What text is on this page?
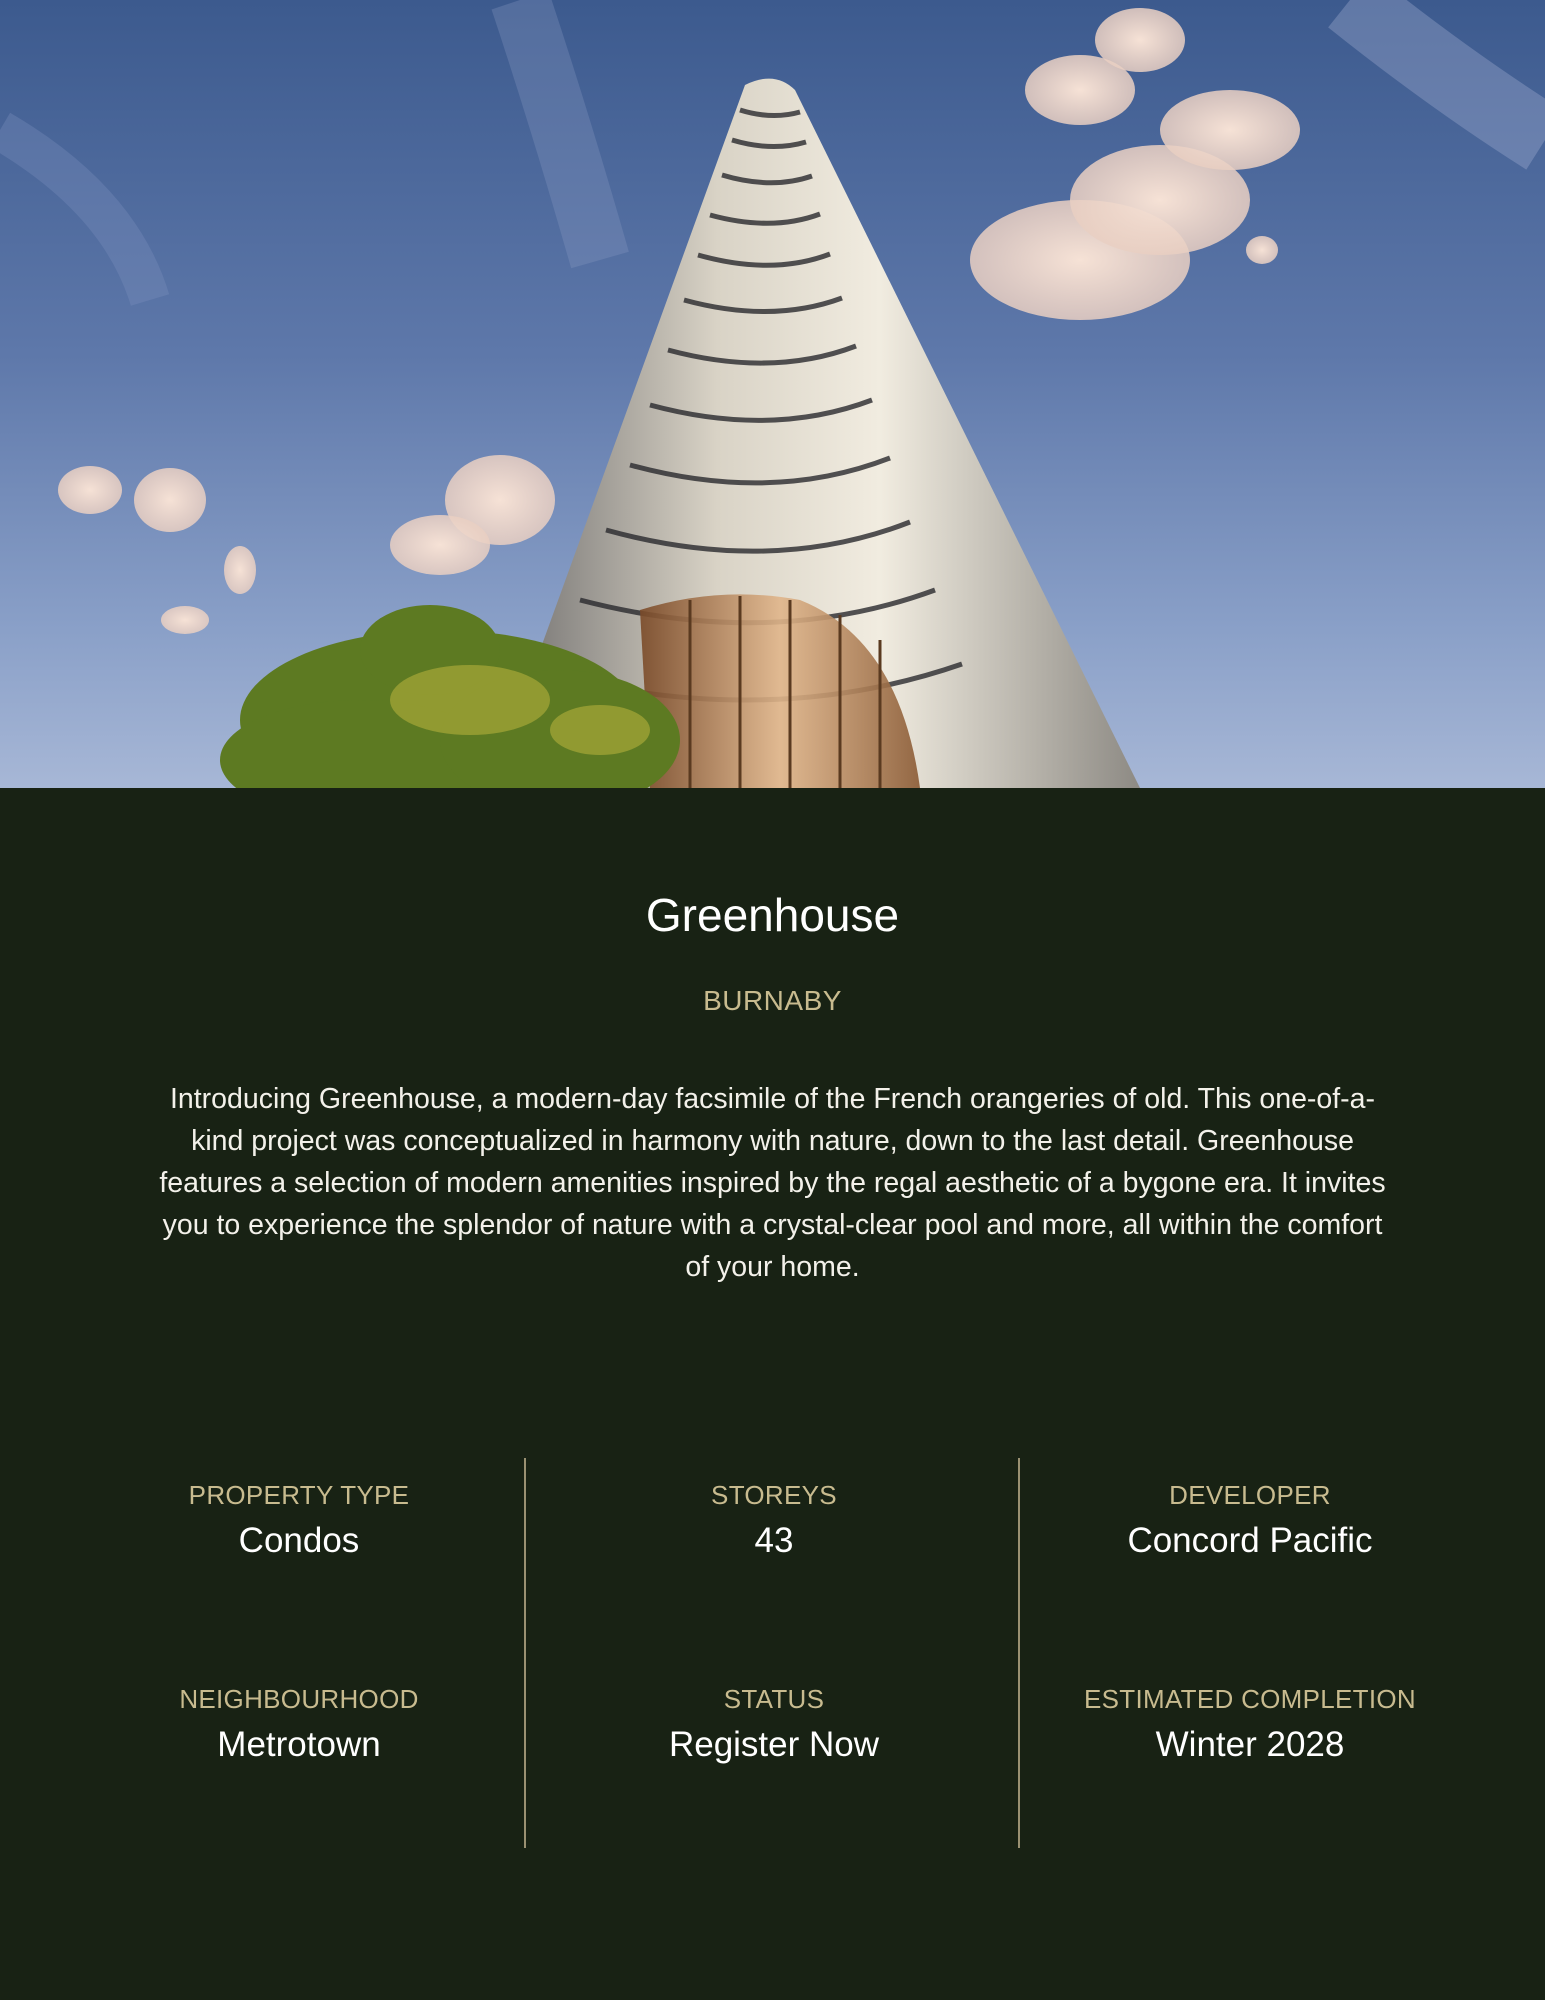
Greenhouse
BURNABY

Introducing Greenhouse, a modern-day facsimile of the French orangeries of old. This one-of-a-kind project was conceptualized in harmony with nature, down to the last detail. Greenhouse features a selection of modern amenities inspired by the regal aesthetic of a bygone era. It invites you to experience the splendor of nature with a crystal-clear pool and more, all within the comfort of your home.

PROPERTY TYPE
Condos
STOREYS
43
DEVELOPER
Concord Pacific
NEIGHBOURHOOD
Metrotown
STATUS
Register Now
ESTIMATED COMPLETION
Winter 2028
